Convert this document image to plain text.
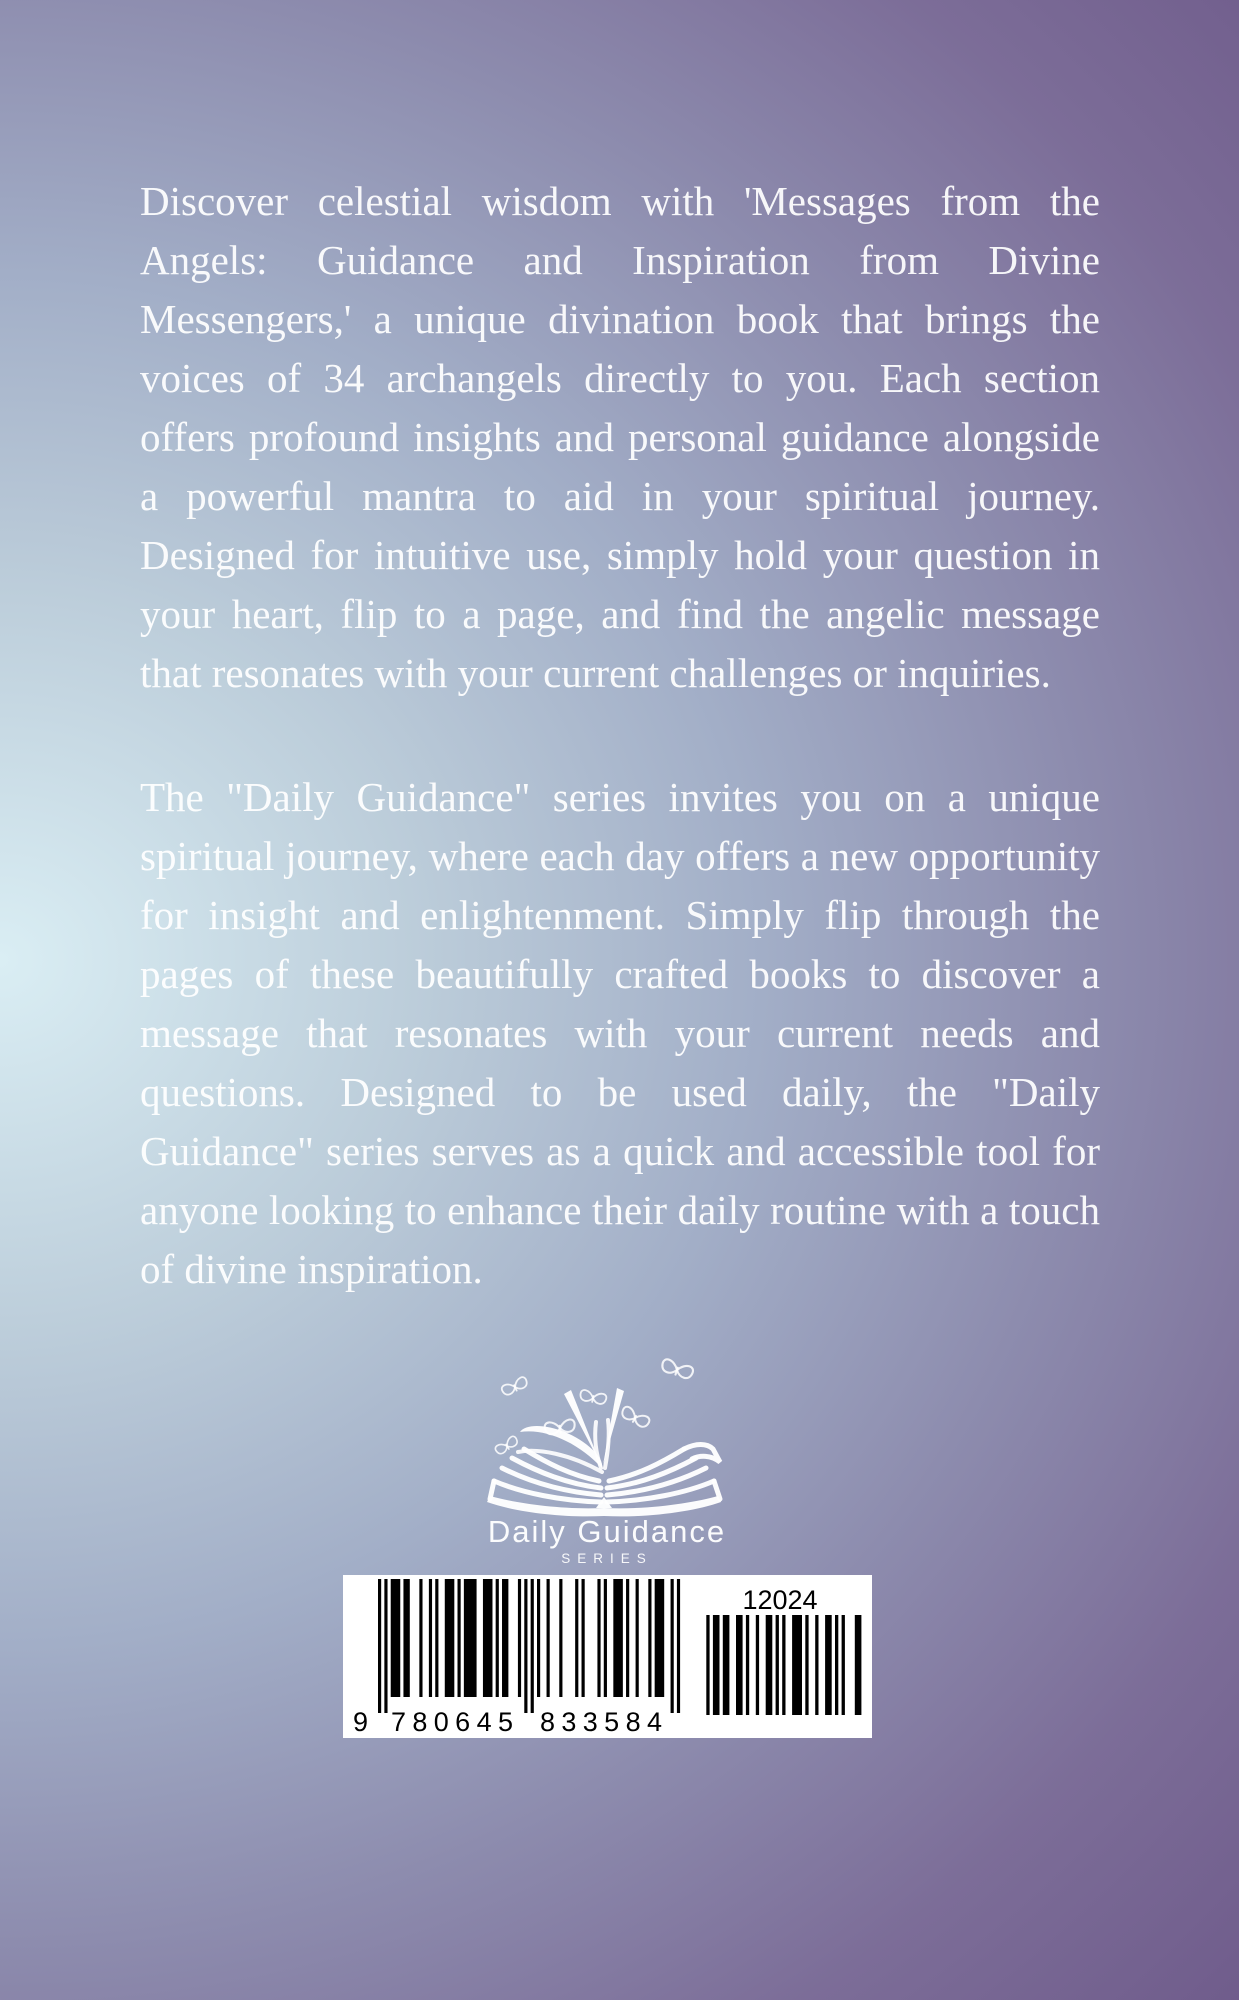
Discover celestial wisdom with 'Messages from the Angels: Guidance and Inspiration from Divine Messengers,' a unique divination book that brings the voices of 34 archangels directly to you. Each section offers profound insights and personal guidance alongside a powerful mantra to aid in your spiritual journey. Designed for intuitive use, simply hold your question in your heart, flip to a page, and find the angelic message that resonates with your current challenges or inquiries.

The "Daily Guidance" series invites you on a unique spiritual journey, where each day offers a new opportunity for insight and enlightenment. Simply flip through the pages of these beautifully crafted books to discover a message that resonates with your current needs and questions. Designed to be used daily, the "Daily Guidance" series serves as a quick and accessible tool for anyone looking to enhance their daily routine with a touch of divine inspiration.

Daily Guidance
SERIES
9 780645 833584
12024
